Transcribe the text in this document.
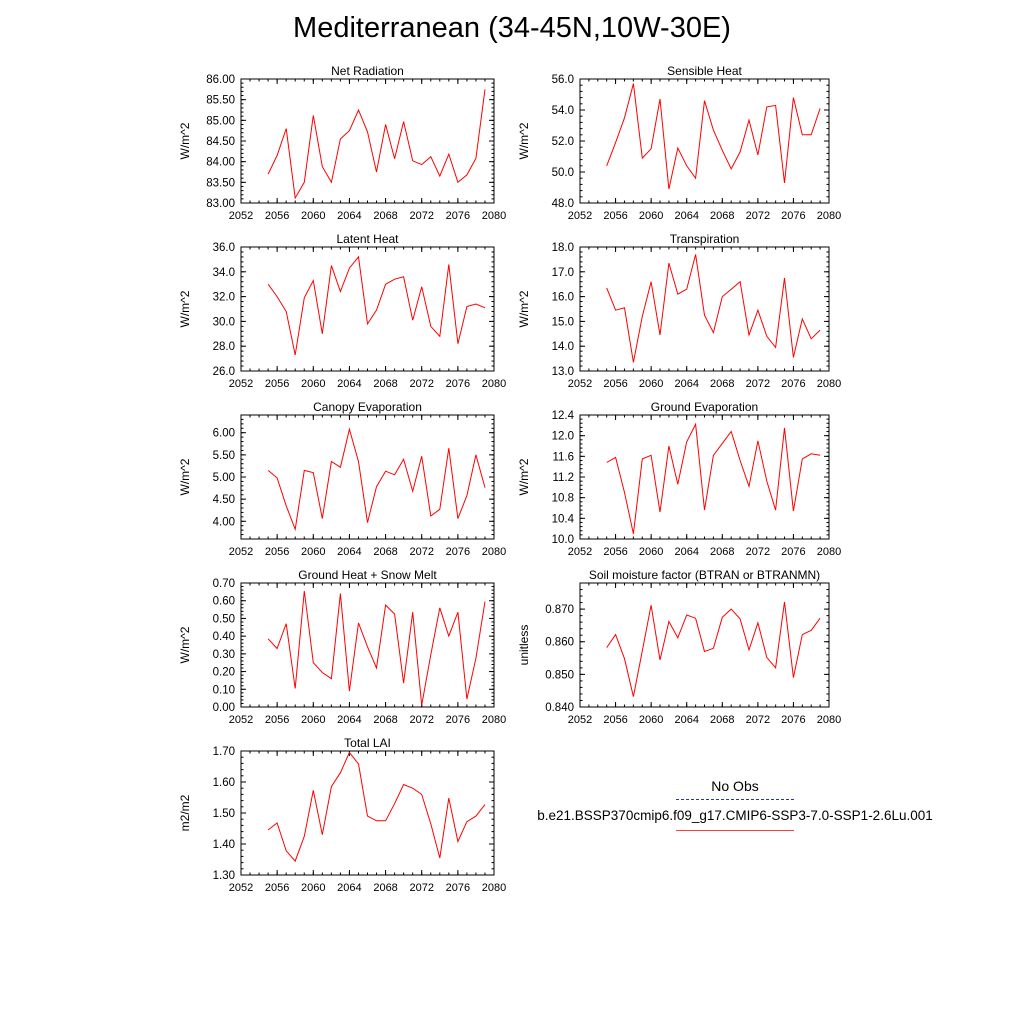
Mediterranean (34-45N,10W-30E)
Net Radiation
W/m^2
2052 2056 2060 2064 2068 2072 2076 2080
83.00
83.50
84.00
84.50
85.00
85.50
86.00
Sensible Heat
W/m^2
2052 2056 2060 2064 2068 2072 2076 2080
48.0
50.0
52.0
54.0
56.0
Latent Heat
W/m^2
2052 2056 2060 2064 2068 2072 2076 2080
26.0
28.0
30.0
32.0
34.0
36.0
Transpiration
W/m^2
2052 2056 2060 2064 2068 2072 2076 2080
13.0
14.0
15.0
16.0
17.0
18.0
Canopy Evaporation
W/m^2
2052 2056 2060 2064 2068 2072 2076 2080
4.00
4.50
5.00
5.50
6.00
Ground Evaporation
W/m^2
2052 2056 2060 2064 2068 2072 2076 2080
10.0
10.4
10.8
11.2
11.6
12.0
12.4
Ground Heat + Snow Melt
W/m^2
2052 2056 2060 2064 2068 2072 2076 2080
0.00
0.10
0.20
0.30
0.40
0.50
0.60
0.70
Soil moisture factor (BTRAN or BTRANMN)
unitless
2052 2056 2060 2064 2068 2072 2076 2080
0.840
0.850
0.860
0.870
Total LAI
m2/m2
2052 2056 2060 2064 2068 2072 2076 2080
1.30
1.40
1.50
1.60
1.70
No Obs
b.e21.BSSP370cmip6.f09_g17.CMIP6-SSP3-7.0-SSP1-2.6Lu.001
